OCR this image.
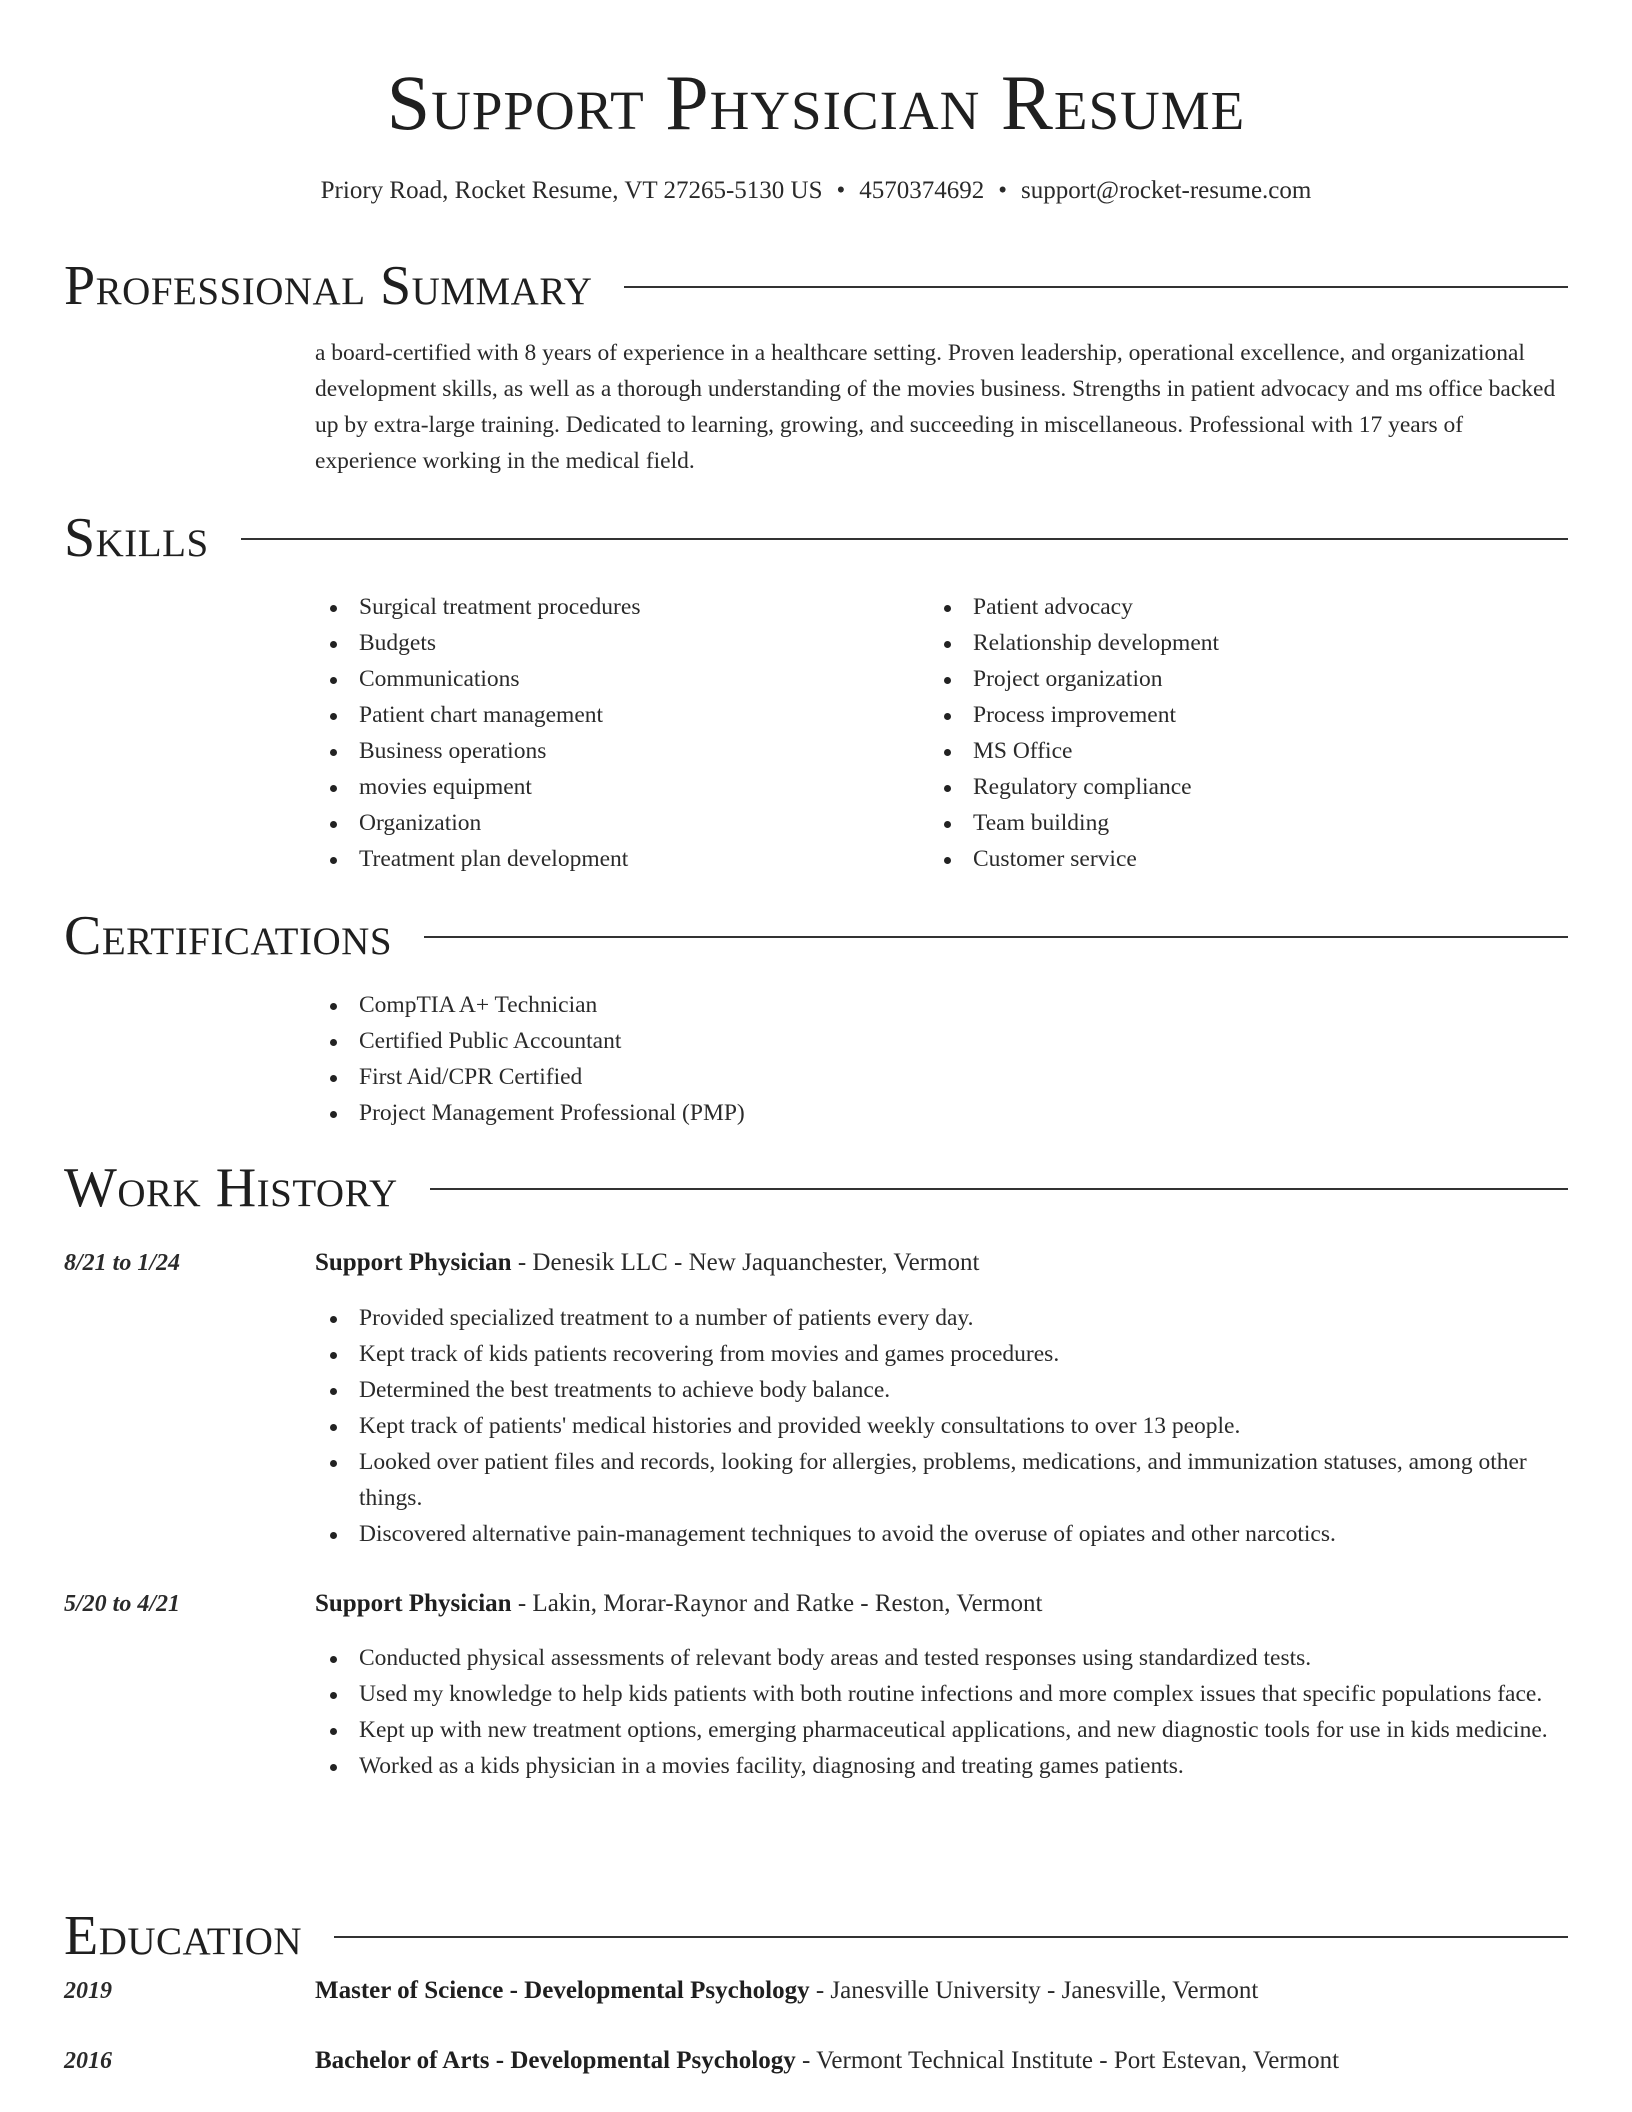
Support Physician Resume
Priory Road, Rocket Resume, VT 27265-5130 US • 4570374692 • support@rocket-resume.com
Professional Summary
a board-certified with 8 years of experience in a healthcare setting. Proven leadership, operational excellence, and organizational development skills, as well as a thorough understanding of the movies business. Strengths in patient advocacy and ms office backed up by extra-large training. Dedicated to learning, growing, and succeeding in miscellaneous. Professional with 17 years of experience working in the medical field.
Skills
Surgical treatment procedures
Budgets
Communications
Patient chart management
Business operations
movies equipment
Organization
Treatment plan development
Patient advocacy
Relationship development
Project organization
Process improvement
MS Office
Regulatory compliance
Team building
Customer service
Certifications
CompTIA A+ Technician
Certified Public Accountant
First Aid/CPR Certified
Project Management Professional (PMP)
Work History
8/21 to 1/24	Support Physician - Denesik LLC - New Jaquanchester, Vermont
Provided specialized treatment to a number of patients every day.
Kept track of kids patients recovering from movies and games procedures.
Determined the best treatments to achieve body balance.
Kept track of patients' medical histories and provided weekly consultations to over 13 people.
Looked over patient files and records, looking for allergies, problems, medications, and immunization statuses, among other things.
Discovered alternative pain-management techniques to avoid the overuse of opiates and other narcotics.
5/20 to 4/21	Support Physician - Lakin, Morar-Raynor and Ratke - Reston, Vermont
Conducted physical assessments of relevant body areas and tested responses using standardized tests.
Used my knowledge to help kids patients with both routine infections and more complex issues that specific populations face.
Kept up with new treatment options, emerging pharmaceutical applications, and new diagnostic tools for use in kids medicine.
Worked as a kids physician in a movies facility, diagnosing and treating games patients.
Education
2019	Master of Science - Developmental Psychology - Janesville University - Janesville, Vermont
2016	Bachelor of Arts - Developmental Psychology - Vermont Technical Institute - Port Estevan, Vermont
